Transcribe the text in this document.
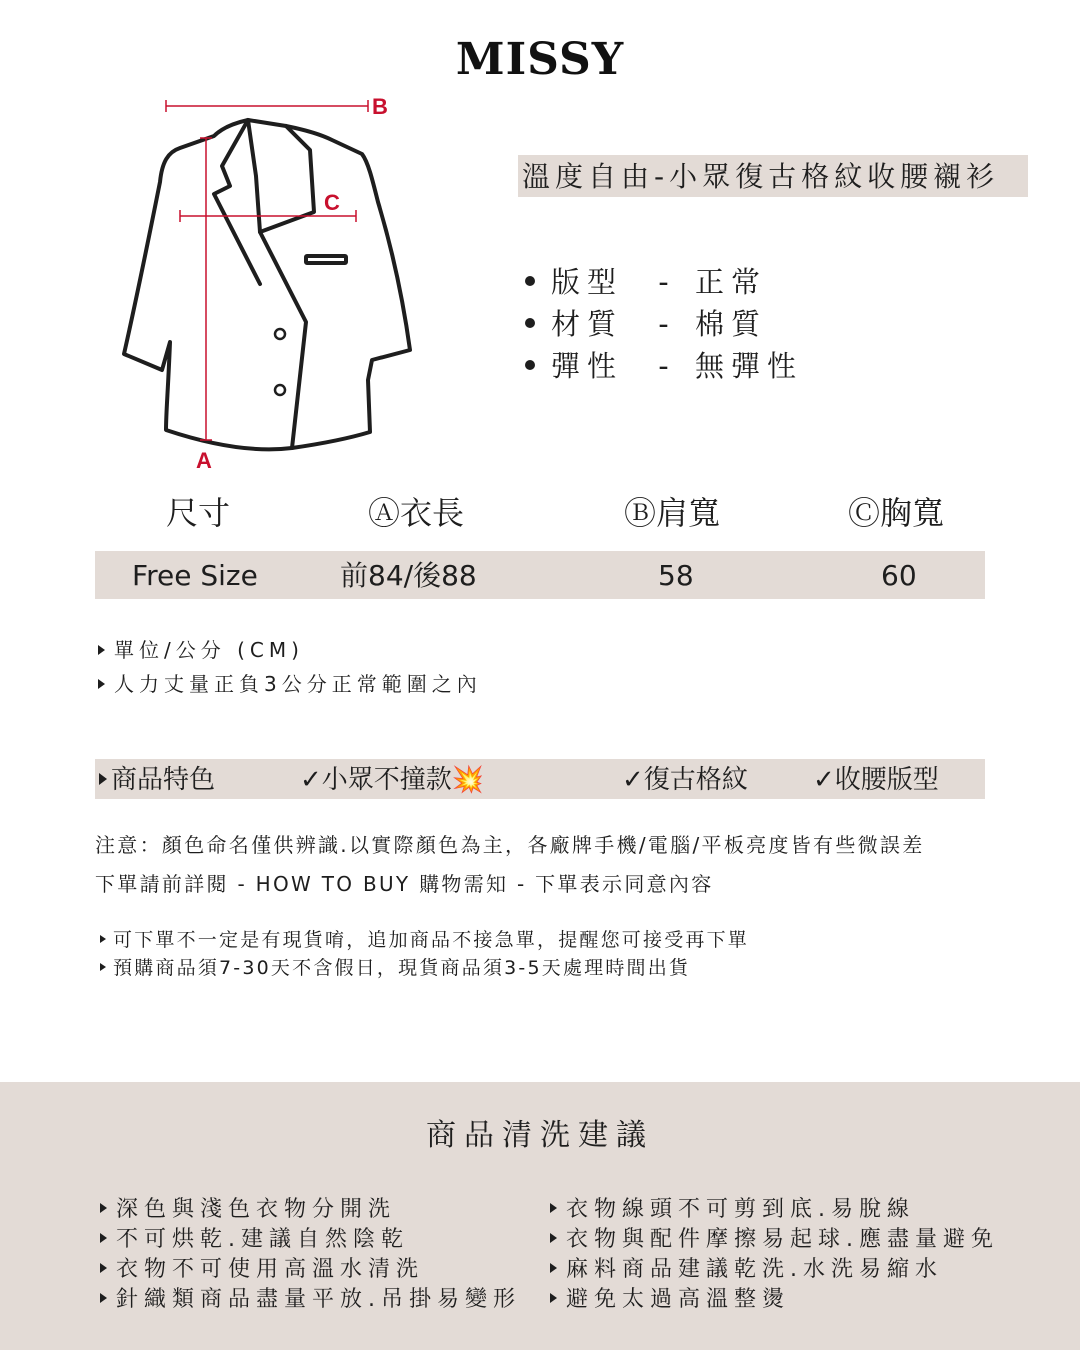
MISSY
B
C
A
溫度自由-小眾復古格紋收腰襯衫
版型 - 正常
材質 - 棉質
彈性 - 無彈性
尺寸	Ⓐ衣長	Ⓑ肩寬	Ⓒ胸寬
Free Size	前84/後88	58	60
單位/公分 (CM)
人力丈量正負3公分正常範圍之內
商品特色	✓小眾不撞款💥	✓復古格紋	✓收腰版型
注意：顏色命名僅供辨識.以實際顏色為主，各廠牌手機/電腦/平板亮度皆有些微誤差
下單請前詳閱 - HOW TO BUY 購物需知 - 下單表示同意內容
可下單不一定是有現貨唷，追加商品不接急單，提醒您可接受再下單
預購商品須7-30天不含假日，現貨商品須3-5天處理時間出貨
商品清洗建議
深色與淺色衣物分開洗
不可烘乾.建議自然陰乾
衣物不可使用高溫水清洗
針織類商品盡量平放.吊掛易變形
衣物線頭不可剪到底.易脫線
衣物與配件摩擦易起球.應盡量避免
麻料商品建議乾洗.水洗易縮水
避免太過高溫整燙
